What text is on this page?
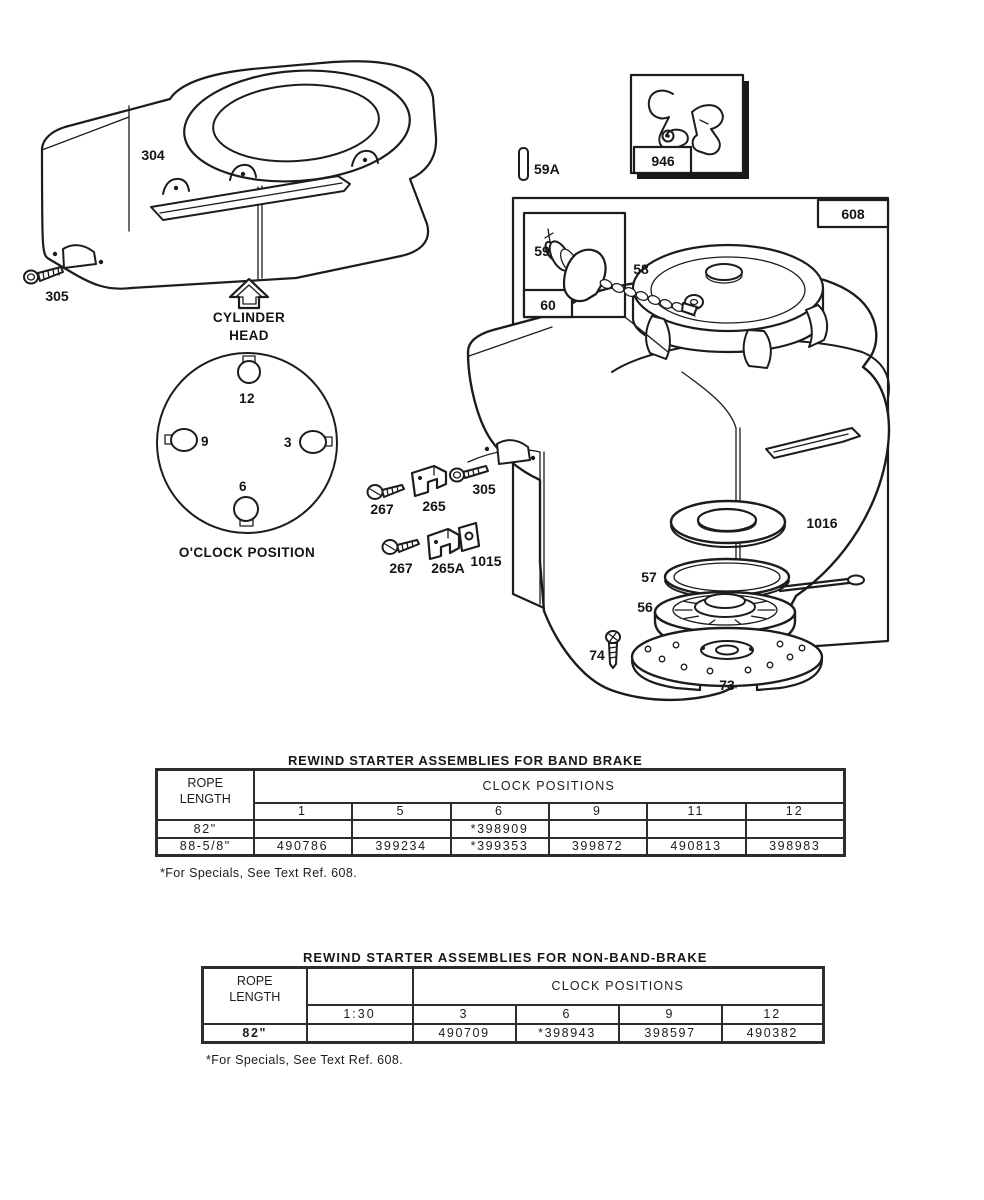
304
305
CYLINDER
HEAD
12
9	3
6
O'CLOCK POSITION
59A	946
608
305
60
59
58
267 265
267 265A 1015
1016
57
56
74
73
REWIND STARTER ASSEMBLIES FOR BAND BRAKE
ROPE LENGTH	CLOCK POSITIONS					
	1	5	6	9	11	12
82"			*398909			
88-5/8"	490786	399234	*399353	399872	490813	398983
*For Specials, See Text Ref. 608.
REWIND STARTER ASSEMBLIES FOR NON-BAND-BRAKE
ROPE LENGTH		CLOCK POSITIONS			
	1:30	3	6	9	12
82"		490709	*398943	398597	490382
*For Specials, See Text Ref. 608.
